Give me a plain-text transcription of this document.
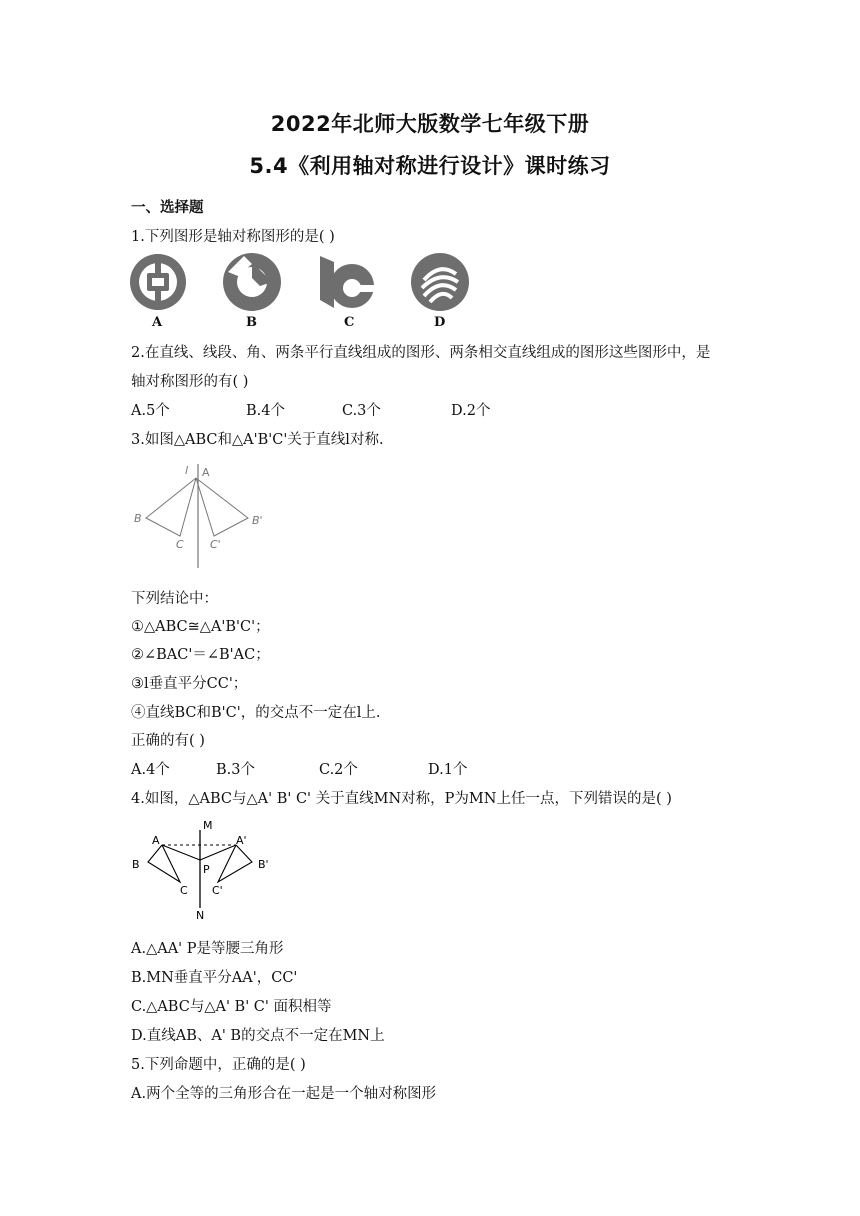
2022年北师大版数学七年级下册
5.4《利用轴对称进行设计》课时练习
一、选择题
1.下列图形是轴对称图形的是( )
A	B	C	D
2.在直线、线段、角、两条平行直线组成的图形、两条相交直线组成的图形这些图形中，是
轴对称图形的有( )
A.5个	B.4个	C.3个	D.2个
3.如图△ABC和△A'B'C'关于直线l对称.
l A
B	B'
C C'
下列结论中：
①△ABC≅△A'B'C'；
②∠BAC'＝∠B'AC；
③l垂直平分CC'；
④直线BC和B'C'，的交点不一定在l上.
正确的有( )
A.4个	B.3个	C.2个	D.1个
4.如图，△ABC与△A' B' C' 关于直线MN对称，P为MN上任一点，下列错误的是( )
M
N
A	A'
B	B'
C C'
P
A.△AA' P是等腰三角形
B.MN垂直平分AA'，CC'
C.△ABC与△A' B' C' 面积相等
D.直线AB、A' B的交点不一定在MN上
5.下列命题中，正确的是( )
A.两个全等的三角形合在一起是一个轴对称图形
